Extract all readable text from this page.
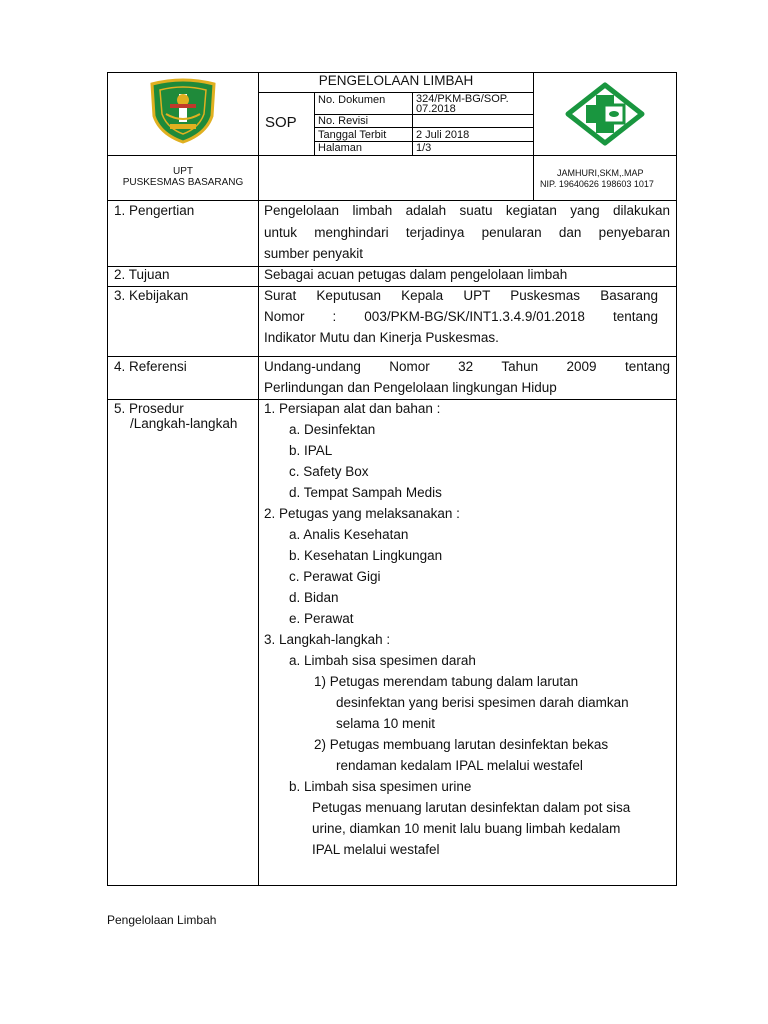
PENGELOLAAN LIMBAH
SOP
No. Dokumen	324/PKM-BG/SOP.
07.2018
No. Revisi
Tanggal Terbit	2 Juli 2018
Halaman	1/3
UPT
PUSKESMAS BASARANG
JAMHURI,SKM,.MAP
NIP. 19640626 198603 1017
1. Pengertian	Pengelolaan limbah adalah suatu kegiatan yang dilakukan
untuk menghindari terjadinya penularan dan penyebaran
sumber penyakit
2. Tujuan	Sebagai acuan petugas dalam pengelolaan limbah
3. Kebijakan	Surat Keputusan Kepala UPT Puskesmas Basarang
Nomor : 003/PKM-BG/SK/INT1.3.4.9/01.2018 tentang
Indikator Mutu dan Kinerja Puskesmas.
4. Referensi	Undang-undang Nomor 32 Tahun 2009 tentang
Perlindungan dan Pengelolaan lingkungan Hidup
5. Prosedur
/Langkah-langkah
1. Persiapan alat dan bahan :
a. Desinfektan
b. IPAL
c. Safety Box
d. Tempat Sampah Medis
2. Petugas yang melaksanakan :
a. Analis Kesehatan
b. Kesehatan Lingkungan
c. Perawat Gigi
d. Bidan
e. Perawat
3. Langkah-langkah :
a. Limbah sisa spesimen darah
1) Petugas merendam tabung dalam larutan
desinfektan yang berisi spesimen darah diamkan
selama 10 menit
2) Petugas membuang larutan desinfektan bekas
rendaman kedalam IPAL melalui westafel
b. Limbah sisa spesimen urine
Petugas menuang larutan desinfektan dalam pot sisa
urine, diamkan 10 menit lalu buang limbah kedalam
IPAL melalui westafel
Pengelolaan Limbah
